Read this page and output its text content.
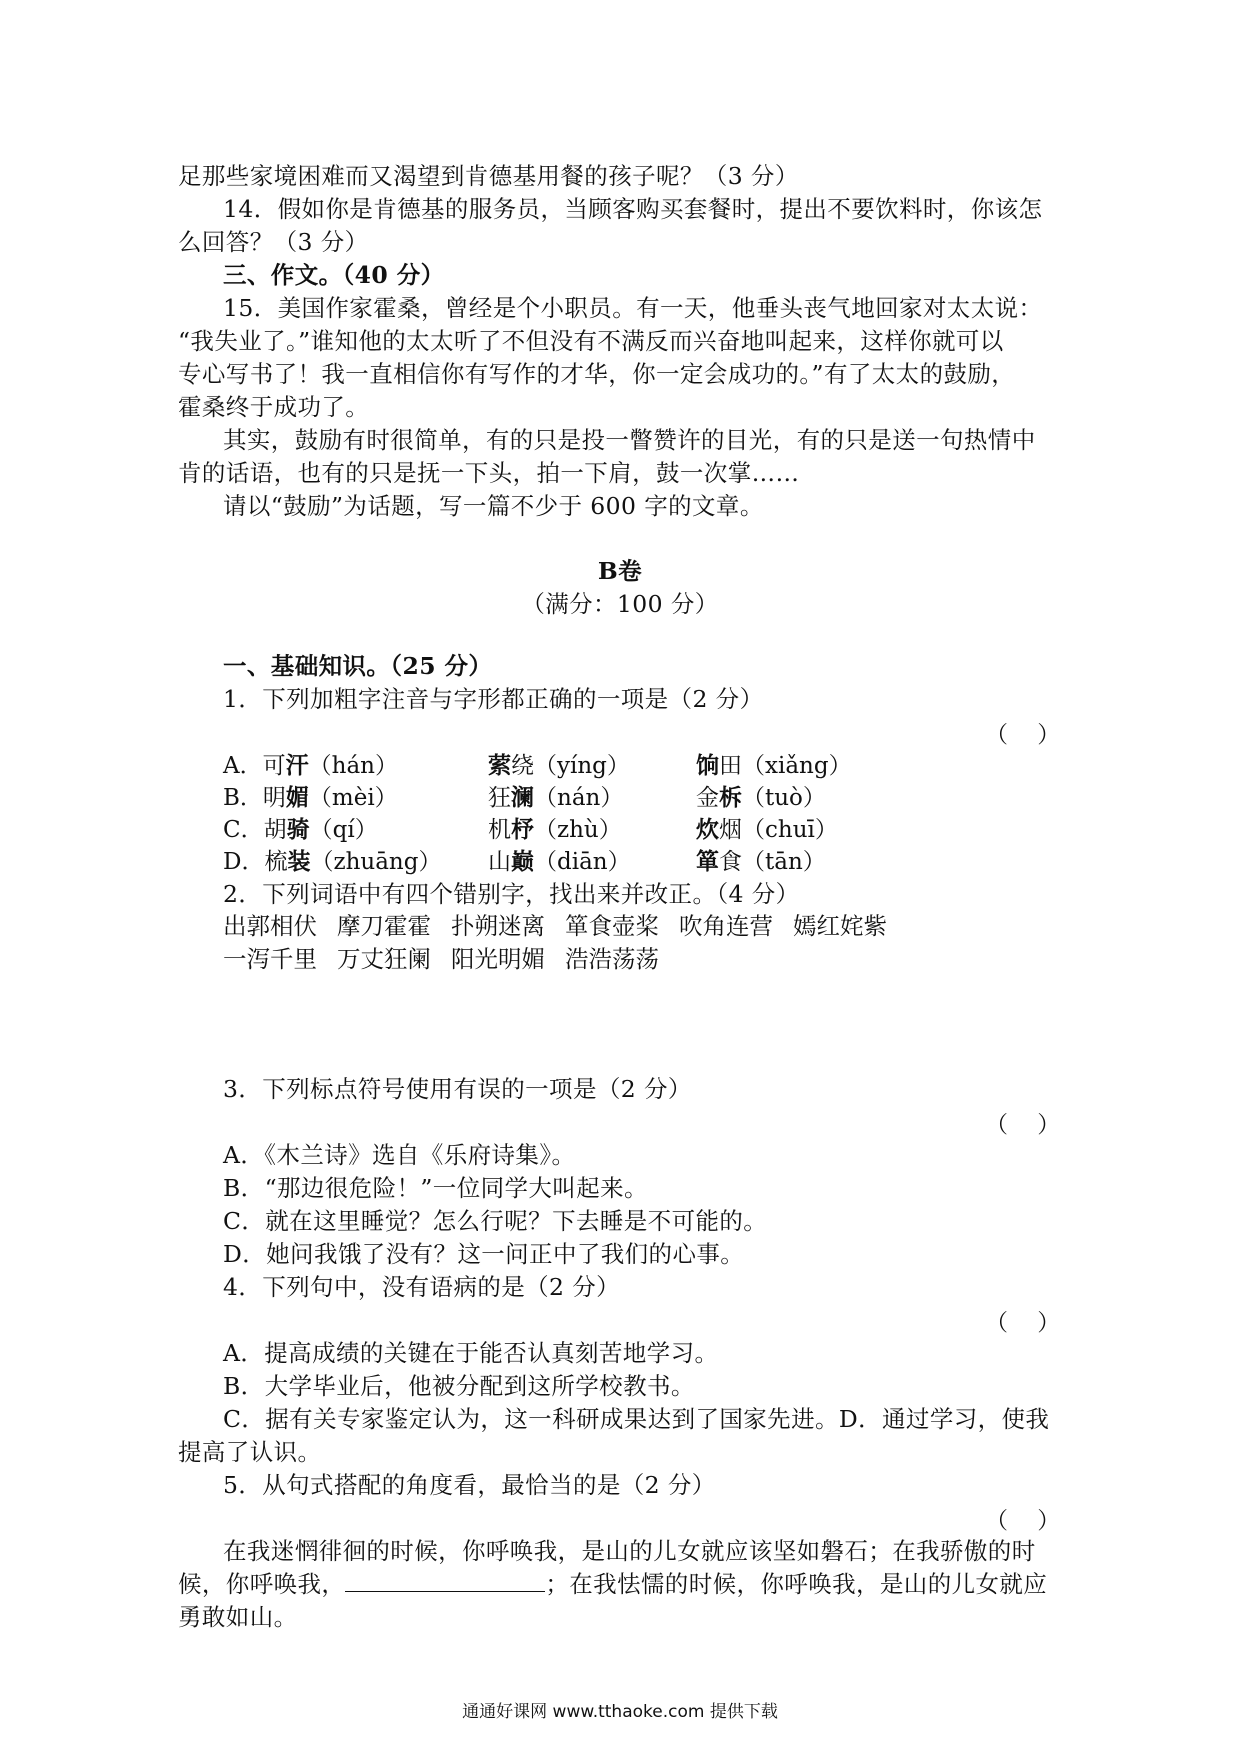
足那些家境困难而又渴望到肯德基用餐的孩子呢？（3 分）
14．假如你是肯德基的服务员，当顾客购买套餐时，提出不要饮料时，你该怎
么回答？（3 分）
三、作文。（40 分）
15．美国作家霍桑，曾经是个小职员。有一天，他垂头丧气地回家对太太说：
“我失业了。”谁知他的太太听了不但没有不满反而兴奋地叫起来，这样你就可以
专心写书了！我一直相信你有写作的才华，你一定会成功的。”有了太太的鼓励，
霍桑终于成功了。
其实，鼓励有时很简单，有的只是投一瞥赞许的目光，有的只是送一句热情中
肯的话语，也有的只是抚一下头，拍一下肩，鼓一次掌……
请以“鼓励”为话题，写一篇不少于 600 字的文章。
B卷
（满分：100 分）
一、基础知识。（25 分）
1．下列加粗字注音与字形都正确的一项是（2 分）
（    ）
A．可汗（hán）	萦绕（yíng）	饷田（xiǎng）
B．明媚（mèi）	狂澜（nán）	金柝（tuò）
C．胡骑（qí）	机杼（zhù）	炊烟（chuī）
D．梳装（zhuāng） 山巅（diān）	箪食（tān）
2．下列词语中有四个错别字，找出来并改正。（4 分）
出郭相伏 摩刀霍霍 扑朔迷离 箪食壶桨 吹角连营 嫣红姹紫
一泻千里 万丈狂阑 阳光明媚 浩浩荡荡
3．下列标点符号使用有误的一项是（2 分）
（    ）
A．《木兰诗》选自《乐府诗集》。
B．“那边很危险！”一位同学大叫起来。
C．就在这里睡觉？怎么行呢？下去睡是不可能的。
D．她问我饿了没有？这一问正中了我们的心事。
4．下列句中，没有语病的是（2 分）
（    ）
A．提高成绩的关键在于能否认真刻苦地学习。
B．大学毕业后，他被分配到这所学校教书。
C．据有关专家鉴定认为，这一科研成果达到了国家先进。D．通过学习，使我
提高了认识。
5．从句式搭配的角度看，最恰当的是（2 分）
（    ）
在我迷惘徘徊的时候，你呼唤我，是山的儿女就应该坚如磐石；在我骄傲的时
候，你呼唤我，	；在我怯懦的时候，你呼唤我，是山的儿女就应
勇敢如山。
通通好课网 www.tthaoke.com 提供下载
